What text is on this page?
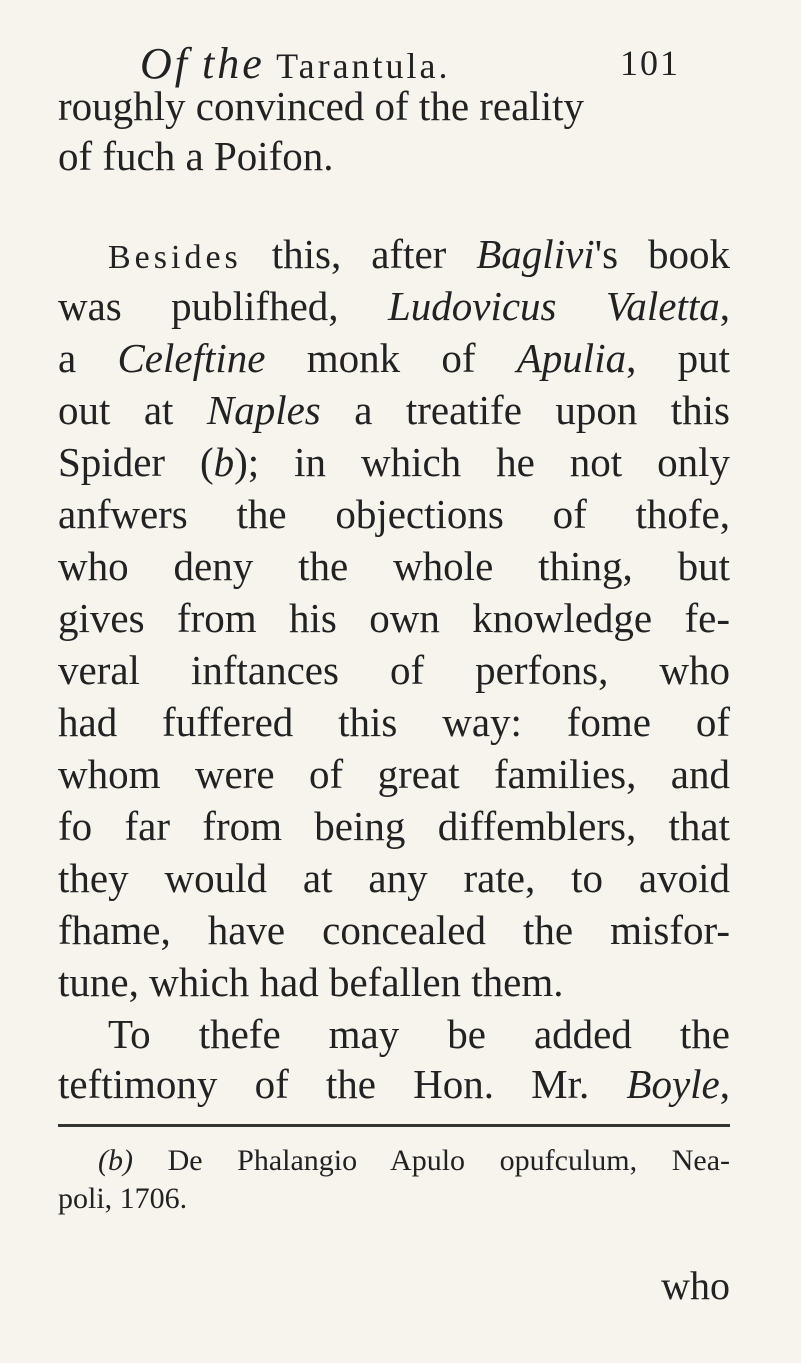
Of the Tarantula.	101
roughly convinced of the reality
of fuch a Poifon.
Besides this, after Baglivi's book
was publifhed, Ludovicus Valetta,
a Celeftine monk of Apulia, put
out at Naples a treatife upon this
Spider (b); in which he not only
anfwers the objections of thofe,
who deny the whole thing, but
gives from his own knowledge fe-
veral inftances of perfons, who
had fuffered this way: fome of
whom were of great families, and
fo far from being diffemblers, that
they would at any rate, to avoid
fhame, have concealed the misfor-
tune, which had befallen them.
To thefe may be added the
teftimony of the Hon. Mr. Boyle,
(b) De Phalangio Apulo opufculum, Nea-
poli, 1706.
who
